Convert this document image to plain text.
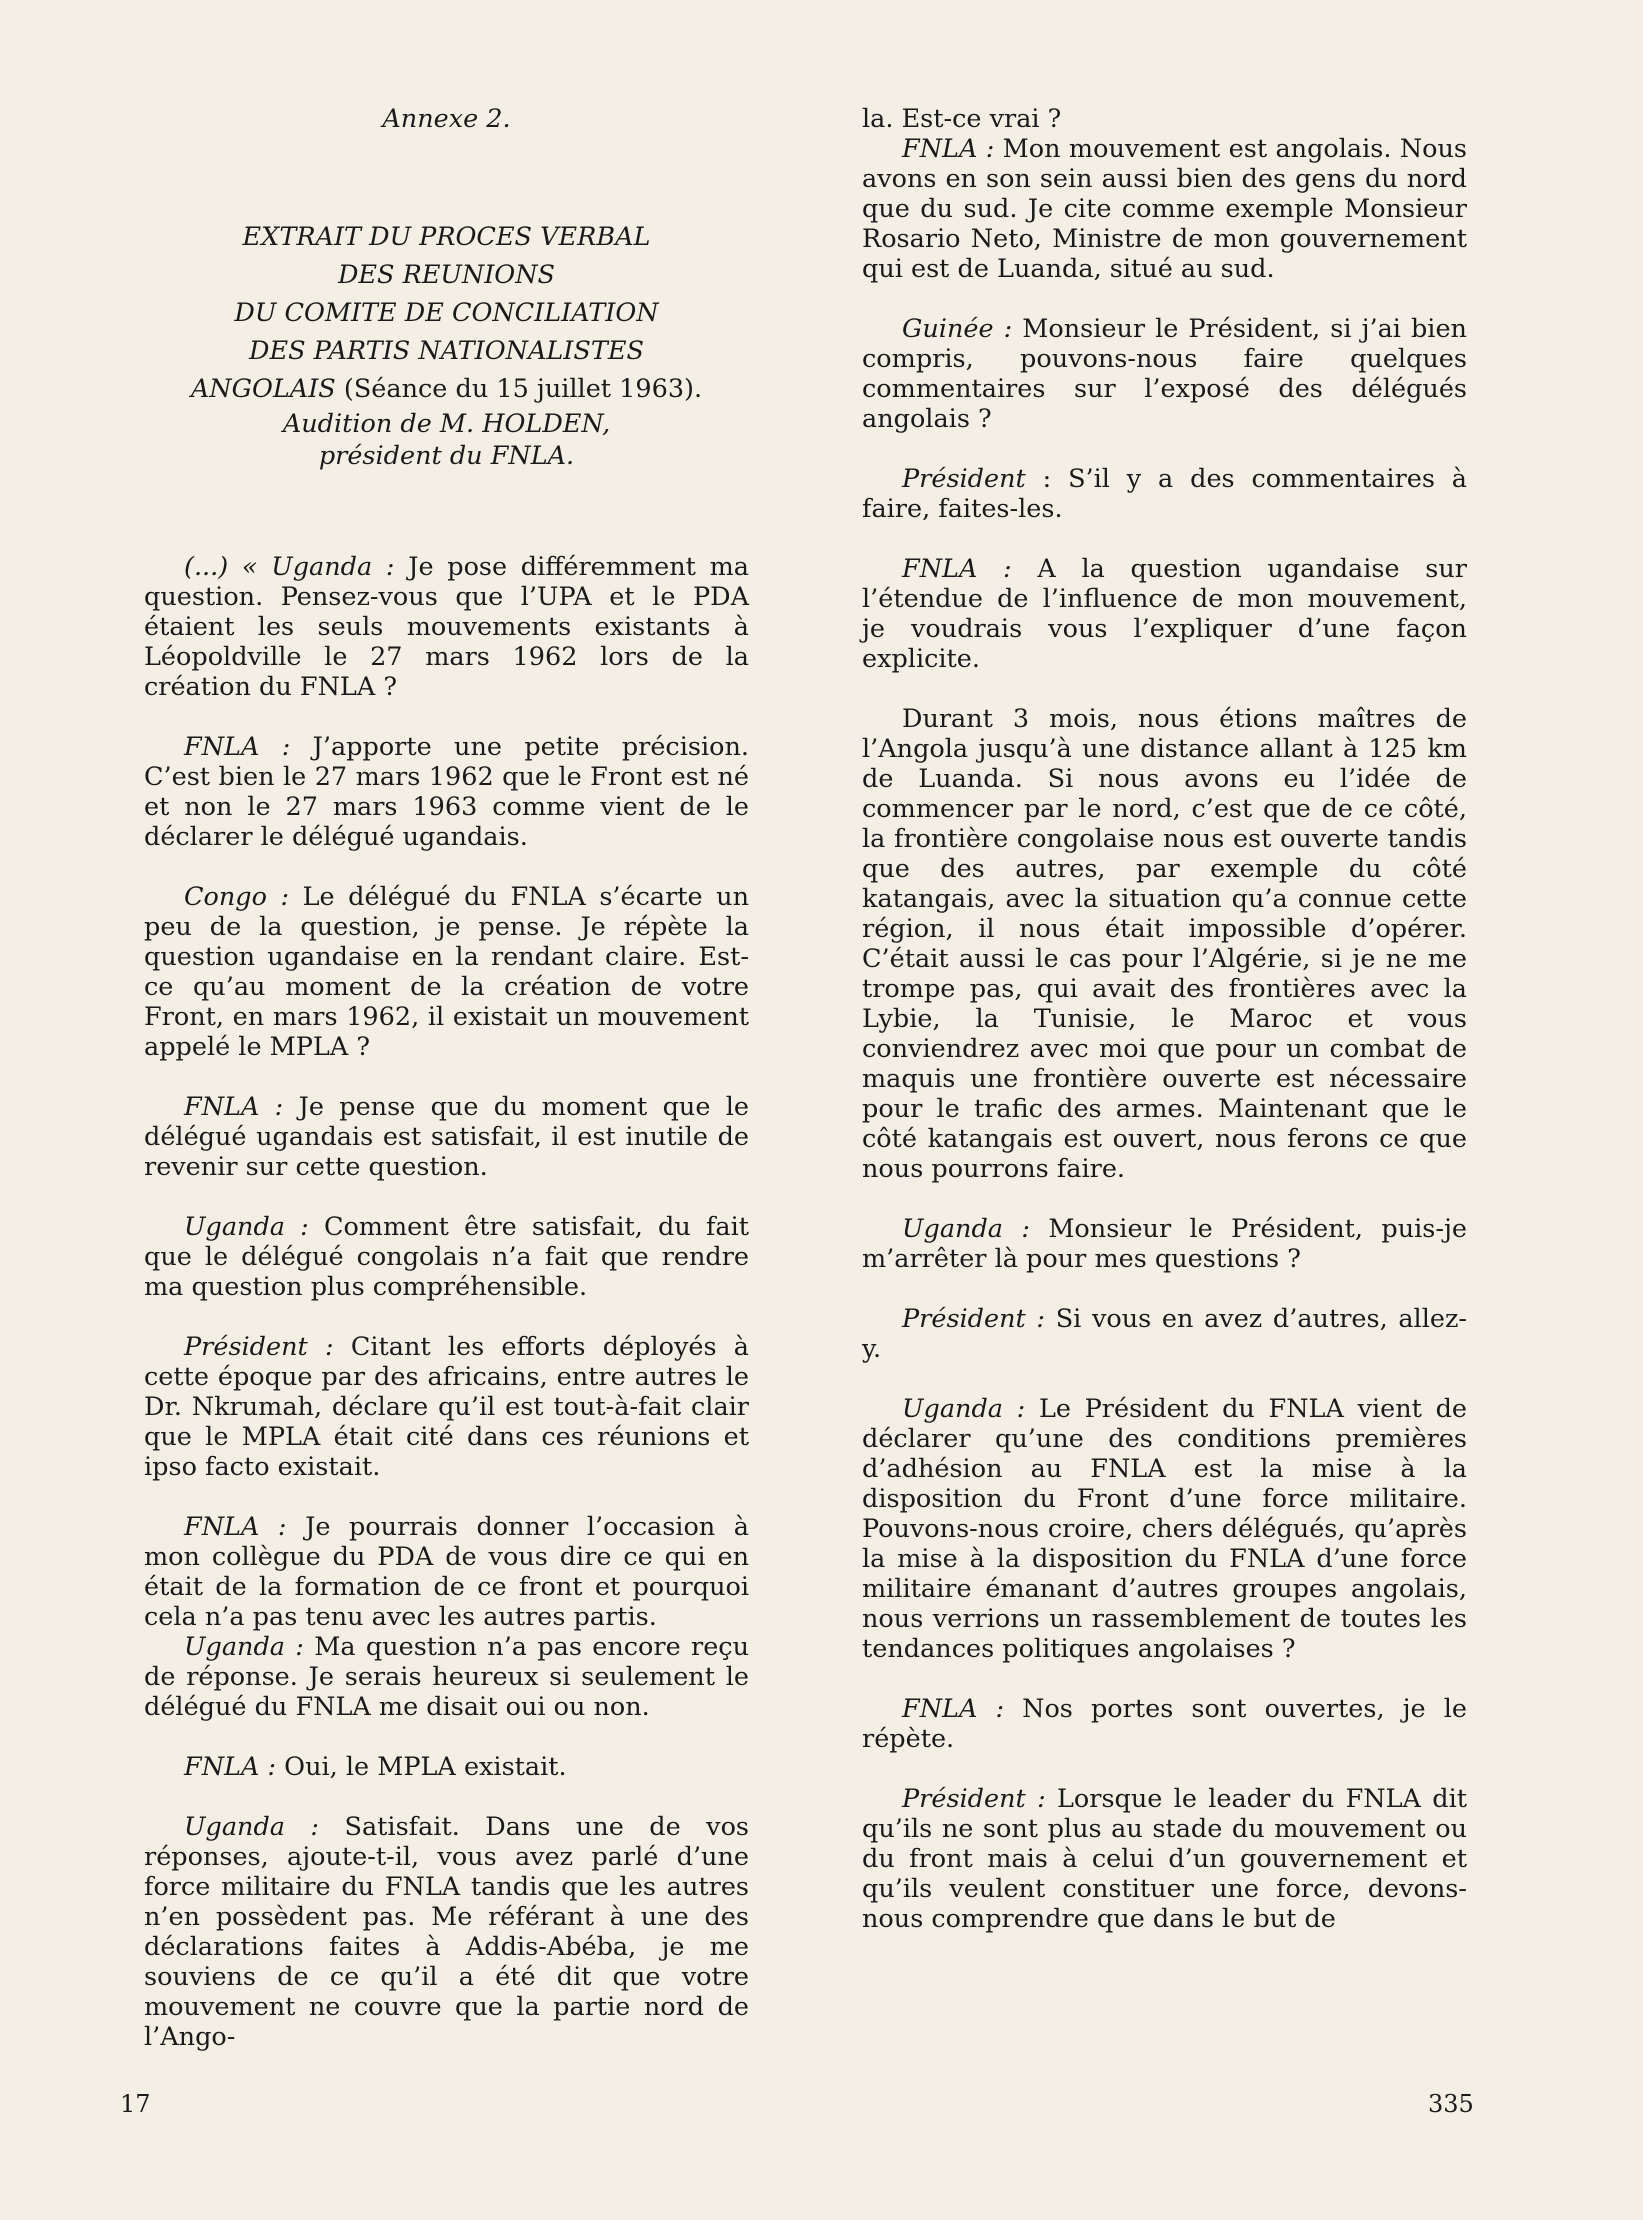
Annexe 2.

EXTRAIT DU PROCES VERBAL
DES REUNIONS
DU COMITE DE CONCILIATION
DES PARTIS NATIONALISTES
ANGOLAIS (Séance du 15 juillet 1963).
Audition de M. HOLDEN,
président du FNLA.

(...) « Uganda : Je pose différemment ma question. Pensez-vous que l’UPA et le PDA étaient les seuls mouvements existants à Léopoldville le 27 mars 1962 lors de la création du FNLA ?

FNLA : J’apporte une petite précision. C’est bien le 27 mars 1962 que le Front est né et non le 27 mars 1963 comme vient de le déclarer le délégué ugandais.

Congo : Le délégué du FNLA s’écarte un peu de la question, je pense. Je répète la question ugandaise en la rendant claire. Est-ce qu’au moment de la création de votre Front, en mars 1962, il existait un mouvement appelé le MPLA ?

FNLA : Je pense que du moment que le délégué ugandais est satisfait, il est inutile de revenir sur cette question.

Uganda : Comment être satisfait, du fait que le délégué congolais n’a fait que rendre ma question plus compréhensible.

Président : Citant les efforts déployés à cette époque par des africains, entre autres le Dr. Nkrumah, déclare qu’il est tout-à-fait clair que le MPLA était cité dans ces réunions et ipso facto existait.

FNLA : Je pourrais donner l’occasion à mon collègue du PDA de vous dire ce qui en était de la formation de ce front et pourquoi cela n’a pas tenu avec les autres partis.

Uganda : Ma question n’a pas encore reçu de réponse. Je serais heureux si seulement le délégué du FNLA me disait oui ou non.

FNLA : Oui, le MPLA existait.

Uganda : Satisfait. Dans une de vos réponses, ajoute-t-il, vous avez parlé d’une force militaire du FNLA tandis que les autres n’en possèdent pas. Me référant à une des déclarations faites à Addis-Abéba, je me souviens de ce qu’il a été dit que votre mouvement ne couvre que la partie nord de l’Ango-

la. Est-ce vrai ?

FNLA : Mon mouvement est angolais. Nous avons en son sein aussi bien des gens du nord que du sud. Je cite comme exemple Monsieur Rosario Neto, Ministre de mon gouvernement qui est de Luanda, situé au sud.

Guinée : Monsieur le Président, si j’ai bien compris, pouvons-nous faire quelques commentaires sur l’exposé des délégués angolais ?

Président : S’il y a des commentaires à faire, faites-les.

FNLA : A la question ugandaise sur l’étendue de l’influence de mon mouvement, je voudrais vous l’expliquer d’une façon explicite.

Durant 3 mois, nous étions maîtres de l’Angola jusqu’à une distance allant à 125 km de Luanda. Si nous avons eu l’idée de commencer par le nord, c’est que de ce côté, la frontière congolaise nous est ouverte tandis que des autres, par exemple du côté katangais, avec la situation qu’a connue cette région, il nous était impossible d’opérer. C’était aussi le cas pour l’Algérie, si je ne me trompe pas, qui avait des frontières avec la Lybie, la Tunisie, le Maroc et vous conviendrez avec moi que pour un combat de maquis une frontière ouverte est nécessaire pour le trafic des armes. Maintenant que le côté katangais est ouvert, nous ferons ce que nous pourrons faire.

Uganda : Monsieur le Président, puis-je m’arrêter là pour mes questions ?

Président : Si vous en avez d’autres, allez-y.

Uganda : Le Président du FNLA vient de déclarer qu’une des conditions premières d’adhésion au FNLA est la mise à la disposition du Front d’une force militaire. Pouvons-nous croire, chers délégués, qu’après la mise à la disposition du FNLA d’une force militaire émanant d’autres groupes angolais, nous verrions un rassemblement de toutes les tendances politiques angolaises ?

FNLA : Nos portes sont ouvertes, je le répète.

Président : Lorsque le leader du FNLA dit qu’ils ne sont plus au stade du mouvement ou du front mais à celui d’un gouvernement et qu’ils veulent constituer une force, devons-nous comprendre que dans le but de

17	335
